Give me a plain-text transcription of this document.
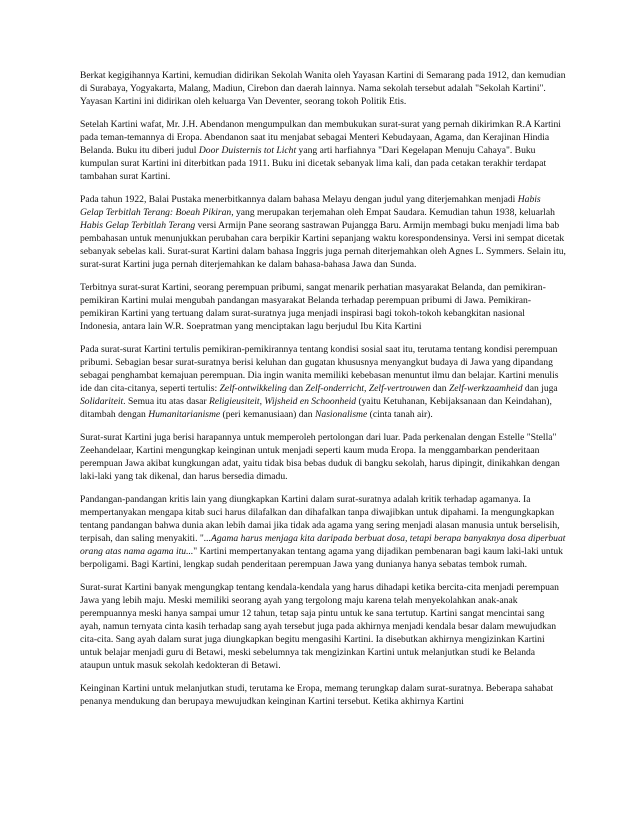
Berkat kegigihannya Kartini, kemudian didirikan Sekolah Wanita oleh Yayasan Kartini di Semarang pada 1912, dan kemudian di Surabaya, Yogyakarta, Malang, Madiun, Cirebon dan daerah lainnya. Nama sekolah tersebut adalah "Sekolah Kartini". Yayasan Kartini ini didirikan oleh keluarga Van Deventer, seorang tokoh Politik Etis.

Setelah Kartini wafat, Mr. J.H. Abendanon mengumpulkan dan membukukan surat-surat yang pernah dikirimkan R.A Kartini pada teman-temannya di Eropa. Abendanon saat itu menjabat sebagai Menteri Kebudayaan, Agama, dan Kerajinan Hindia Belanda. Buku itu diberi judul Door Duisternis tot Licht yang arti harfiahnya "Dari Kegelapan Menuju Cahaya". Buku kumpulan surat Kartini ini diterbitkan pada 1911. Buku ini dicetak sebanyak lima kali, dan pada cetakan terakhir terdapat tambahan surat Kartini.

Pada tahun 1922, Balai Pustaka menerbitkannya dalam bahasa Melayu dengan judul yang diterjemahkan menjadi Habis Gelap Terbitlah Terang: Boeah Pikiran, yang merupakan terjemahan oleh Empat Saudara. Kemudian tahun 1938, keluarlah Habis Gelap Terbitlah Terang versi Armijn Pane seorang sastrawan Pujangga Baru. Armijn membagi buku menjadi lima bab pembahasan untuk menunjukkan perubahan cara berpikir Kartini sepanjang waktu korespondensinya. Versi ini sempat dicetak sebanyak sebelas kali. Surat-surat Kartini dalam bahasa Inggris juga pernah diterjemahkan oleh Agnes L. Symmers. Selain itu, surat-surat Kartini juga pernah diterjemahkan ke dalam bahasa-bahasa Jawa dan Sunda.

Terbitnya surat-surat Kartini, seorang perempuan pribumi, sangat menarik perhatian masyarakat Belanda, dan pemikiran-pemikiran Kartini mulai mengubah pandangan masyarakat Belanda terhadap perempuan pribumi di Jawa. Pemikiran-pemikiran Kartini yang tertuang dalam surat-suratnya juga menjadi inspirasi bagi tokoh-tokoh kebangkitan nasional Indonesia, antara lain W.R. Soepratman yang menciptakan lagu berjudul Ibu Kita Kartini

Pada surat-surat Kartini tertulis pemikiran-pemikirannya tentang kondisi sosial saat itu, terutama tentang kondisi perempuan pribumi. Sebagian besar surat-suratnya berisi keluhan dan gugatan khususnya menyangkut budaya di Jawa yang dipandang sebagai penghambat kemajuan perempuan. Dia ingin wanita memiliki kebebasan menuntut ilmu dan belajar. Kartini menulis ide dan cita-citanya, seperti tertulis: Zelf-ontwikkeling dan Zelf-onderricht, Zelf-vertrouwen dan Zelf-werkzaamheid dan juga Solidariteit. Semua itu atas dasar Religieusiteit, Wijsheid en Schoonheid (yaitu Ketuhanan, Kebijaksanaan dan Keindahan), ditambah dengan Humanitarianisme (peri kemanusiaan) dan Nasionalisme (cinta tanah air).

Surat-surat Kartini juga berisi harapannya untuk memperoleh pertolongan dari luar. Pada perkenalan dengan Estelle "Stella" Zeehandelaar, Kartini mengungkap keinginan untuk menjadi seperti kaum muda Eropa. Ia menggambarkan penderitaan perempuan Jawa akibat kungkungan adat, yaitu tidak bisa bebas duduk di bangku sekolah, harus dipingit, dinikahkan dengan laki-laki yang tak dikenal, dan harus bersedia dimadu.

Pandangan-pandangan kritis lain yang diungkapkan Kartini dalam surat-suratnya adalah kritik terhadap agamanya. Ia mempertanyakan mengapa kitab suci harus dilafalkan dan dihafalkan tanpa diwajibkan untuk dipahami. Ia mengungkapkan tentang pandangan bahwa dunia akan lebih damai jika tidak ada agama yang sering menjadi alasan manusia untuk berselisih, terpisah, dan saling menyakiti. "...Agama harus menjaga kita daripada berbuat dosa, tetapi berapa banyaknya dosa diperbuat orang atas nama agama itu..." Kartini mempertanyakan tentang agama yang dijadikan pembenaran bagi kaum laki-laki untuk berpoligami. Bagi Kartini, lengkap sudah penderitaan perempuan Jawa yang dunianya hanya sebatas tembok rumah.

Surat-surat Kartini banyak mengungkap tentang kendala-kendala yang harus dihadapi ketika bercita-cita menjadi perempuan Jawa yang lebih maju. Meski memiliki seorang ayah yang tergolong maju karena telah menyekolahkan anak-anak perempuannya meski hanya sampai umur 12 tahun, tetap saja pintu untuk ke sana tertutup. Kartini sangat mencintai sang ayah, namun ternyata cinta kasih terhadap sang ayah tersebut juga pada akhirnya menjadi kendala besar dalam mewujudkan cita-cita. Sang ayah dalam surat juga diungkapkan begitu mengasihi Kartini. Ia disebutkan akhirnya mengizinkan Kartini untuk belajar menjadi guru di Betawi, meski sebelumnya tak mengizinkan Kartini untuk melanjutkan studi ke Belanda ataupun untuk masuk sekolah kedokteran di Betawi.

Keinginan Kartini untuk melanjutkan studi, terutama ke Eropa, memang terungkap dalam surat-suratnya. Beberapa sahabat penanya mendukung dan berupaya mewujudkan keinginan Kartini tersebut. Ketika akhirnya Kartini
